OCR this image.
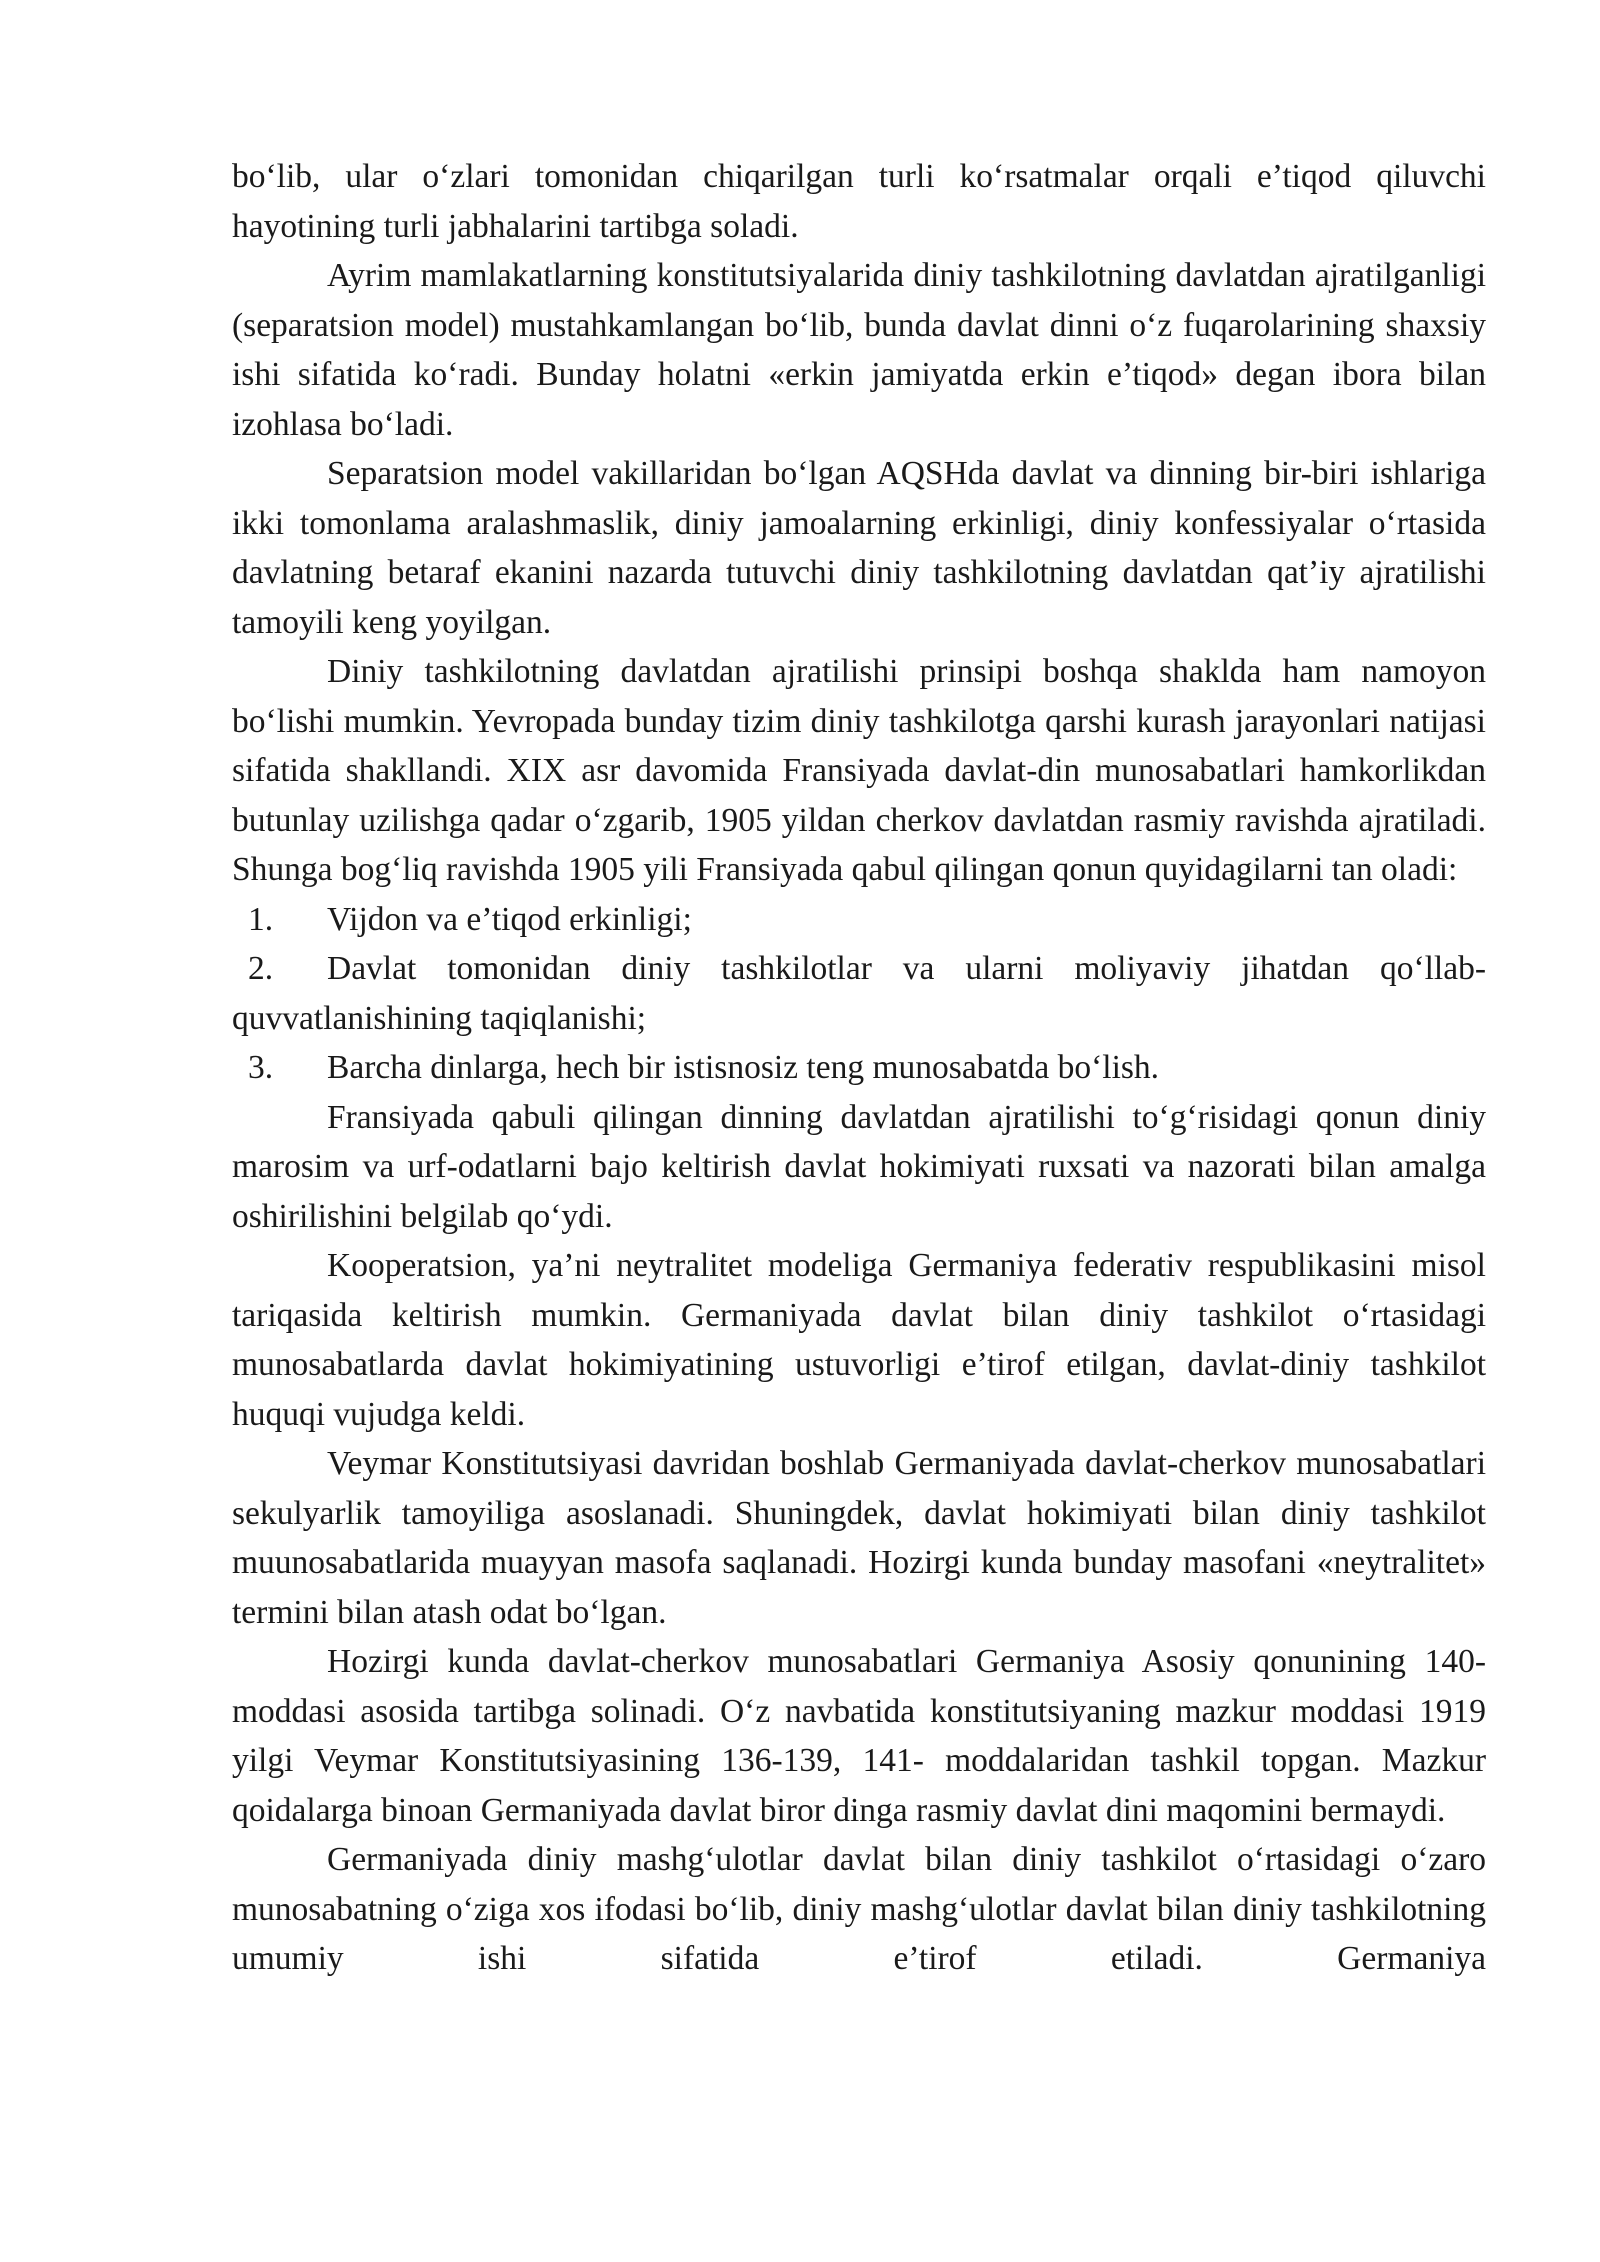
bo‘lib, ular o‘zlari tomonidan chiqarilgan turli ko‘rsatmalar orqali e’tiqod qiluvchi hayotining turli jabhalarini tartibga soladi.

Ayrim mamlakatlarning konstitutsiyalarida diniy tashkilotning davlatdan ajratilganligi (separatsion model) mustahkamlangan bo‘lib, bunda davlat dinni o‘z fuqarolarining shaxsiy ishi sifatida ko‘radi. Bunday holatni «erkin jamiyatda erkin e’tiqod» degan ibora bilan izohlasa bo‘ladi.

Separatsion model vakillaridan bo‘lgan AQSHda davlat va dinning bir-biri ishlariga ikki tomonlama aralashmaslik, diniy jamoalarning erkinligi, diniy konfessiyalar o‘rtasida davlatning betaraf ekanini nazarda tutuvchi diniy tashkilotning davlatdan qat’iy ajratilishi tamoyili keng yoyilgan.

Diniy tashkilotning davlatdan ajratilishi prinsipi boshqa shaklda ham namoyon bo‘lishi mumkin. Yevropada bunday tizim diniy tashkilotga qarshi kurash jarayonlari natijasi sifatida shakllandi. XIX asr davomida Fransiyada davlat-din munosabatlari hamkorlikdan butunlay uzilishga qadar o‘zgarib, 1905 yildan cherkov davlatdan rasmiy ravishda ajratiladi. Shunga bog‘liq ravishda 1905 yili Fransiyada qabul qilingan qonun quyidagilarni tan oladi:

1. Vijdon va e’tiqod erkinligi;

2. Davlat tomonidan diniy tashkilotlar va ularni moliyaviy jihatdan qo‘llab-quvvatlanishining taqiqlanishi;

3. Barcha dinlarga, hech bir istisnosiz teng munosabatda bo‘lish.

Fransiyada qabuli qilingan dinning davlatdan ajratilishi to‘g‘risidagi qonun diniy marosim va urf-odatlarni bajo keltirish davlat hokimiyati ruxsati va nazorati bilan amalga oshirilishini belgilab qo‘ydi.

Kooperatsion, ya’ni neytralitet modeliga Germaniya federativ respublikasini misol tariqasida keltirish mumkin. Germaniyada davlat bilan diniy tashkilot o‘rtasidagi munosabatlarda davlat hokimiyatining ustuvorligi e’tirof etilgan, davlat-diniy tashkilot huquqi vujudga keldi.

Veymar Konstitutsiyasi davridan boshlab Germaniyada davlat-cherkov munosabatlari sekulyarlik tamoyiliga asoslanadi. Shuningdek, davlat hokimiyati bilan diniy tashkilot muunosabatlarida muayyan masofa saqlanadi. Hozirgi kunda bunday masofani «neytralitet» termini bilan atash odat bo‘lgan.

Hozirgi kunda davlat-cherkov munosabatlari Germaniya Asosiy qonunining 140-moddasi asosida tartibga solinadi. O‘z navbatida konstitutsiyaning mazkur moddasi 1919 yilgi Veymar Konstitutsiyasining 136-139, 141- moddalaridan tashkil topgan. Mazkur qoidalarga binoan Germaniyada davlat biror dinga rasmiy davlat dini maqomini bermaydi.

Germaniyada diniy mashg‘ulotlar davlat bilan diniy tashkilot o‘rtasidagi o‘zaro munosabatning o‘ziga xos ifodasi bo‘lib, diniy mashg‘ulotlar davlat bilan diniy tashkilotning umumiy ishi sifatida e’tirof etiladi. Germaniya
